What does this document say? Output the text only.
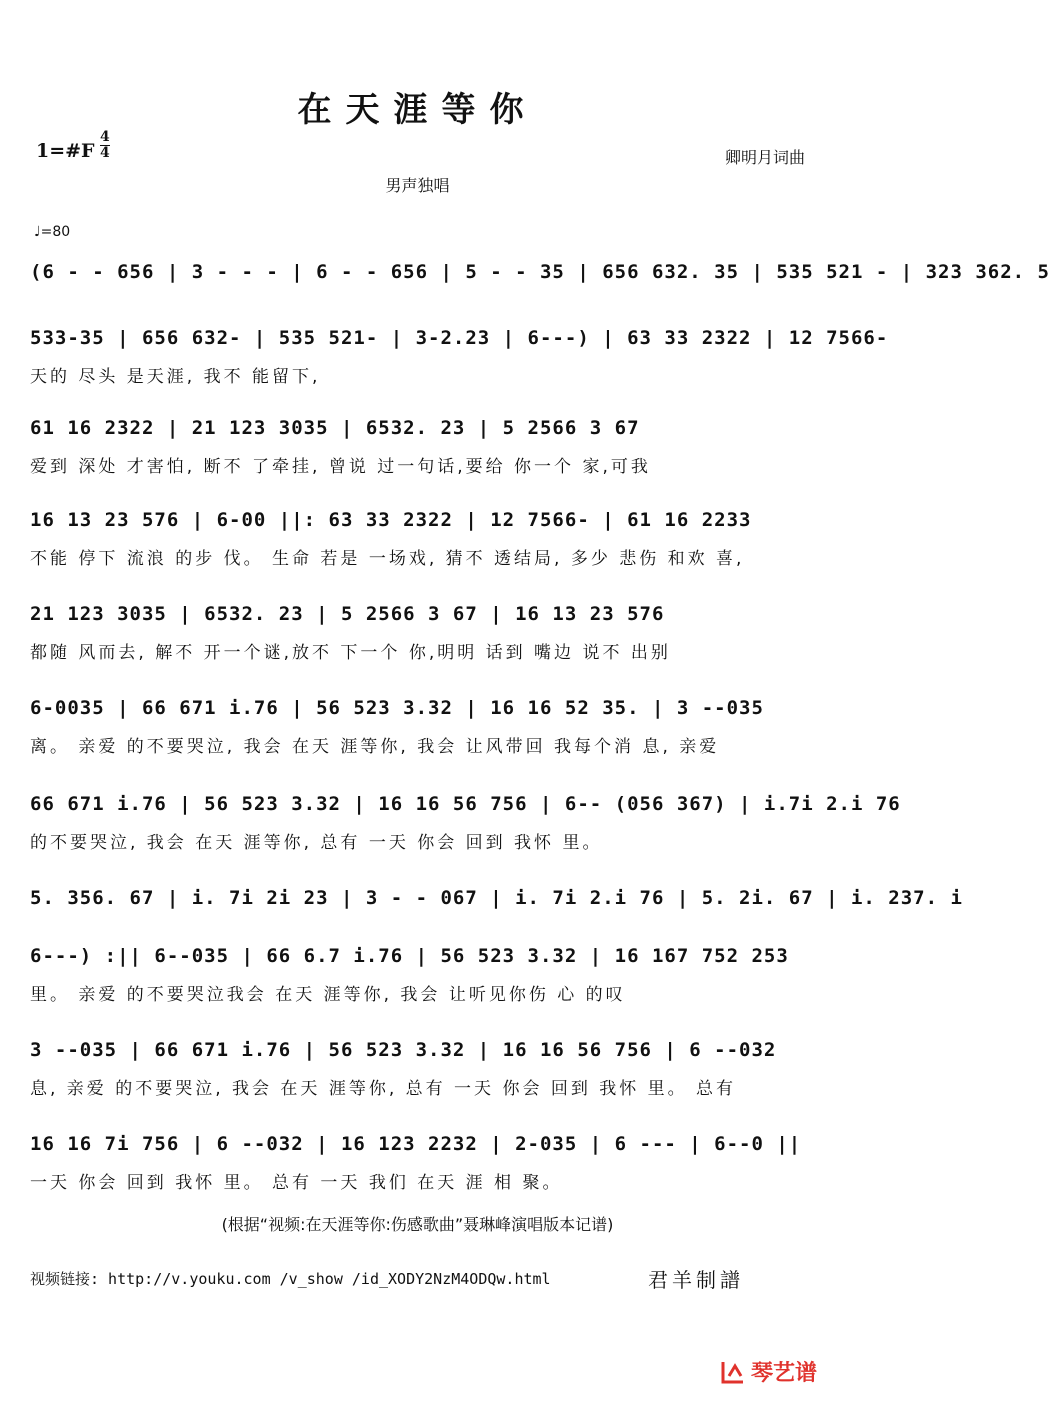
在天涯等你
1=#F $\frac{4}{4}$	卿明月词曲
男声独唱
♩=80
(6 - - 656 | 3 - - - | 6 - - 656 | 5 - - 35 | 656 632. 35 | 535 521 - | 323 362. 5
533-35 | 656 632- | 535 521- | 3-2.23 | 6---) | 63 33 2322 | 12 7566-
天的 尽头 是天涯, 我不 能留下,
61 16 2322 | 21 123 3035 | 6532. 23 | 5 2566 3 67
爱到 深处 才害怕, 断不 了牵挂, 曾说 过一句话,要给 你一个 家,可我
16 13 23 576 | 6-00 ||: 63 33 2322 | 12 7566- | 61 16 2233
不能 停下 流浪 的步 伐。 生命 若是 一场戏, 猜不 透结局, 多少 悲伤 和欢 喜,
21 123 3035 | 6532. 23 | 5 2566 3 67 | 16 13 23 576
都随 风而去, 解不 开一个谜,放不 下一个 你,明明 话到 嘴边 说不 出别
6-0035 | 66 671 i.76 | 56 523 3.32 | 16 16 52 35. | 3 --035
离。 亲爱 的不要哭泣, 我会 在天 涯等你, 我会 让风带回 我每个消 息, 亲爱
66 671 i.76 | 56 523 3.32 | 16 16 56 756 | 6-- (056 367) | i.7i 2.i 76
的不要哭泣, 我会 在天 涯等你, 总有 一天 你会 回到 我怀 里。
5. 356. 67 | i. 7i 2i 23 | 3 - - 067 | i. 7i 2.i 76 | 5. 2i. 67 | i. 237. i
6---) :|| 6--035 | 66 6.7 i.76 | 56 523 3.32 | 16 167 752 253
里。 亲爱 的不要哭泣我会 在天 涯等你, 我会 让听见你伤 心 的叹
3 --035 | 66 671 i.76 | 56 523 3.32 | 16 16 56 756 | 6 --032
息, 亲爱 的不要哭泣, 我会 在天 涯等你, 总有 一天 你会 回到 我怀 里。 总有
16 16 7i 756 | 6 --032 | 16 123 2232 | 2-035 | 6 --- | 6--0 ||
一天 你会 回到 我怀 里。 总有 一天 我们 在天 涯 相 聚。
(根据“视频:在天涯等你:伤感歌曲”聂琳峰演唱版本记谱)
视频链接: http://v.youku.com /v_show /id_XODY2NzM4ODQw.html	君羊制譜
琴艺谱
